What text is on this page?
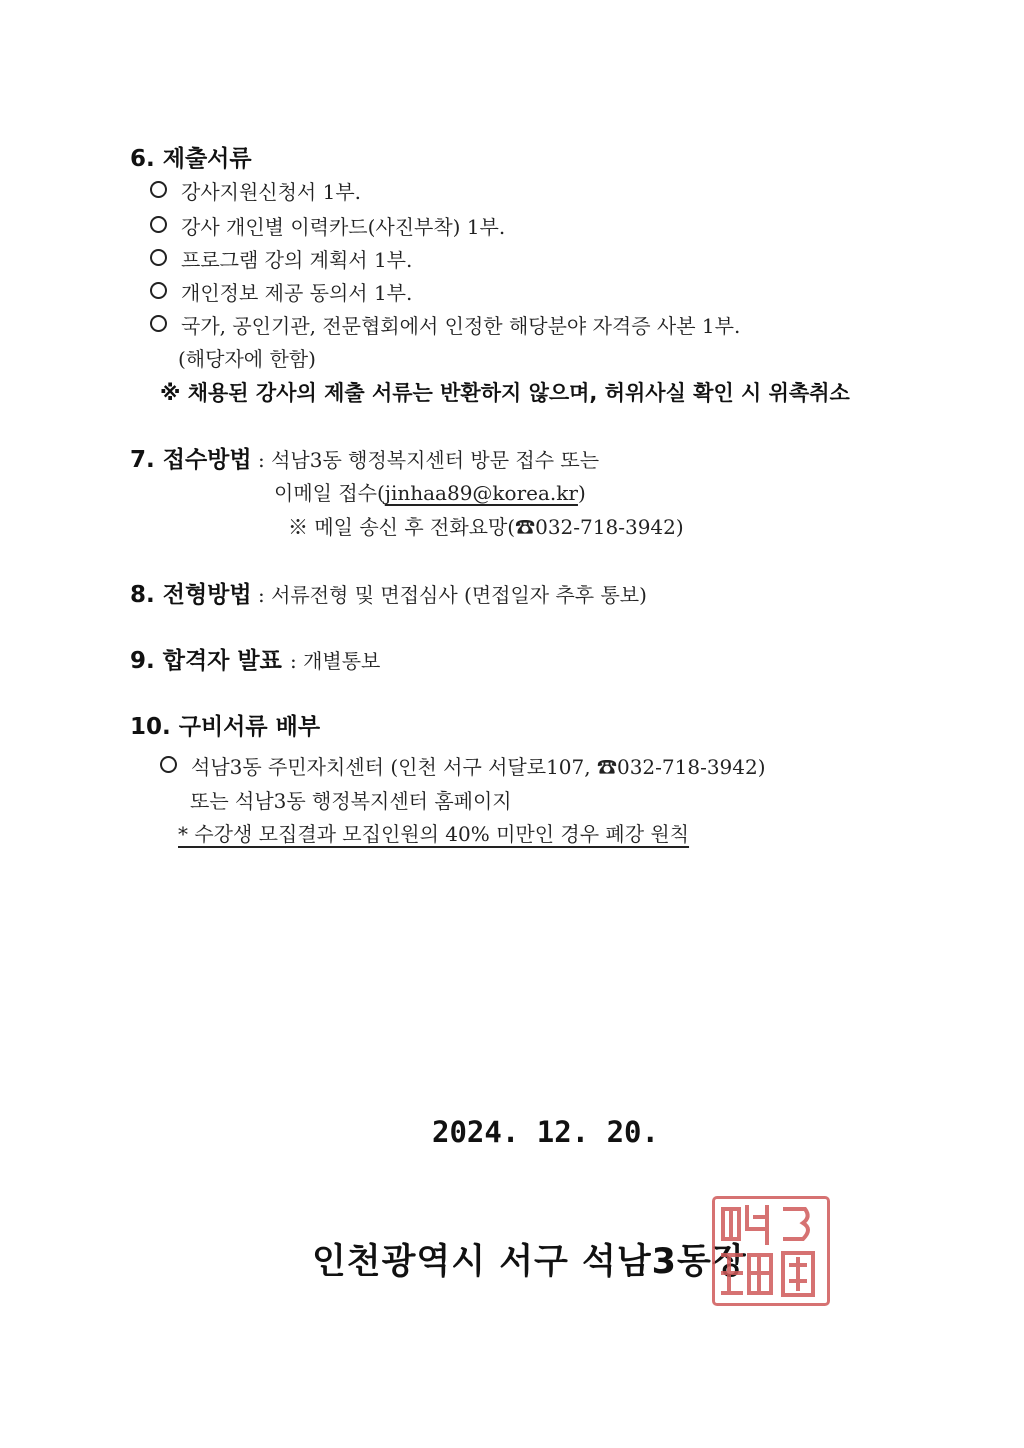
6. 제출서류
강사지원신청서 1부.
강사 개인별 이력카드(사진부착) 1부.
프로그램 강의 계획서 1부.
개인정보 제공 동의서 1부.
국가, 공인기관, 전문협회에서 인정한 해당분야 자격증 사본 1부.
(해당자에 한함)
※ 채용된 강사의 제출 서류는 반환하지 않으며, 허위사실 확인 시 위촉취소
7. 접수방법 : 석남3동 행정복지센터 방문 접수 또는
이메일 접수(jinhaa89@korea.kr)
※ 메일 송신 후 전화요망(☎032-718-3942)
8. 전형방법 : 서류전형 및 면접심사 (면접일자 추후 통보)
9. 합격자 발표 : 개별통보
10. 구비서류 배부
석남3동 주민자치센터 (인천 서구 서달로107, ☎032-718-3942)
또는 석남3동 행정복지센터 홈페이지
* 수강생 모집결과 모집인원의 40% 미만인 경우 폐강 원칙
2024. 12. 20.
인천광역시 서구 석남3동장
